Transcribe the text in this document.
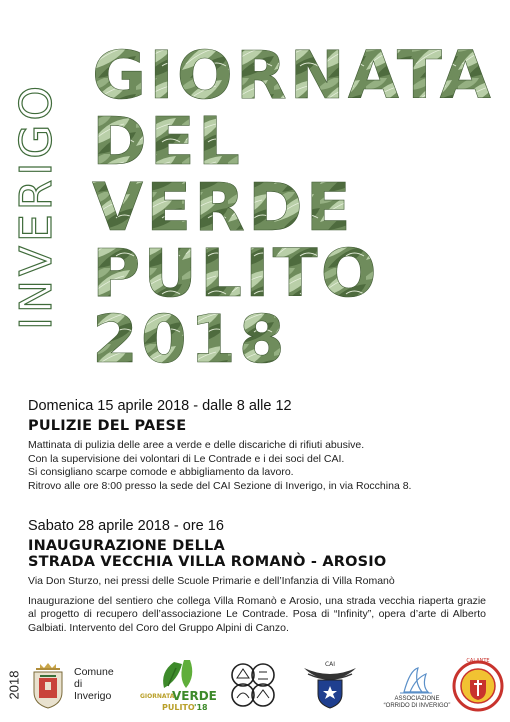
INVERIGO
GIORNATA
DEL
VERDE
PULITO
2018

Domenica 15 aprile 2018 - dalle 8 alle 12

PULIZIE DEL PAESE

Mattinata di pulizia delle aree a verde e delle discariche di rifiuti abusive.

Con la supervisione dei volontari di Le Contrade e i dei soci del CAI.

Si consigliano scarpe comode e abbigliamento da lavoro.

Ritrovo alle ore 8:00 presso la sede del CAI Sezione di Inverigo, in via Rocchina 8.

Sabato 28 aprile 2018 - ore 16

INAUGURAZIONE DELLA

STRADA VECCHIA VILLA ROMANÒ - AROSIO

Via Don Sturzo, nei pressi delle Scuole Primarie e dell’Infanzia di Villa Romanò

Inaugurazione del sentiero che collega Villa Romanò e Arosio, una strada vecchia riaperta grazie al progetto di recupero dell’associazione Le Contrade. Posa di “Infinity”, opera d’arte di Alberto Galbiati. Intervento del Coro del Gruppo Alpini di Canzo.

2018	Comune
di
Inverigo	GIORNATA
VERDE
PULITO '18
CAI
ASSOCIAZIONE
“ORRIDO DI INVERIGO”
CALANTE
